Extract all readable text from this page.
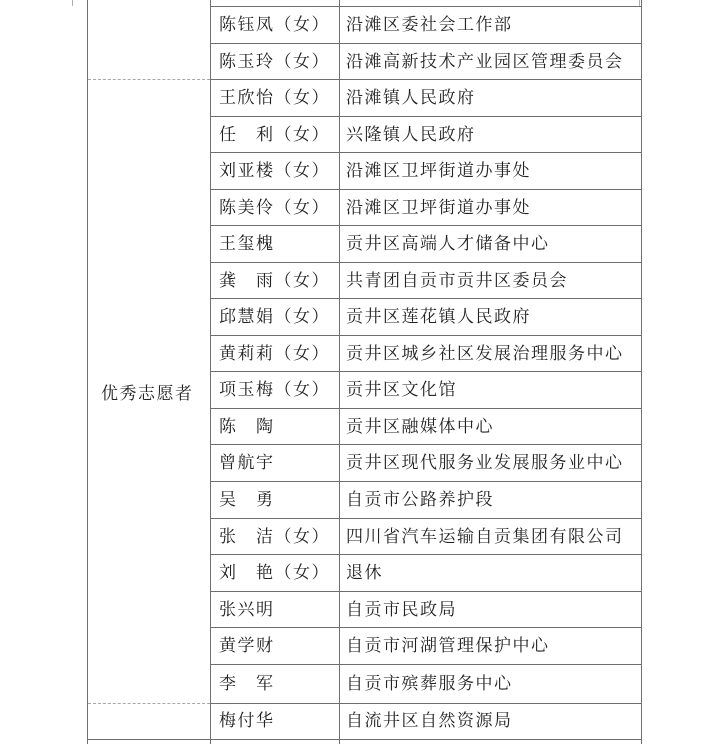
优秀志愿者
陈钰凤（女） 沿滩区委社会工作部
陈玉玲（女） 沿滩高新技术产业园区管理委员会
王欣怡（女） 沿滩镇人民政府
任　利（女） 兴隆镇人民政府
刘亚楼（女） 沿滩区卫坪街道办事处
陈美伶（女） 沿滩区卫坪街道办事处
王玺槐	贡井区高端人才储备中心
龚　雨（女） 共青团自贡市贡井区委员会
邱慧娟（女） 贡井区莲花镇人民政府
黄莉莉（女） 贡井区城乡社区发展治理服务中心
项玉梅（女） 贡井区文化馆
陈　陶	贡井区融媒体中心
曾航宇	贡井区现代服务业发展服务业中心
吴　勇	自贡市公路养护段
张　洁（女） 四川省汽车运输自贡集团有限公司
刘　艳（女） 退休
张兴明	自贡市民政局
黄学财	自贡市河湖管理保护中心
李　军	自贡市殡葬服务中心
梅付华	自流井区自然资源局
